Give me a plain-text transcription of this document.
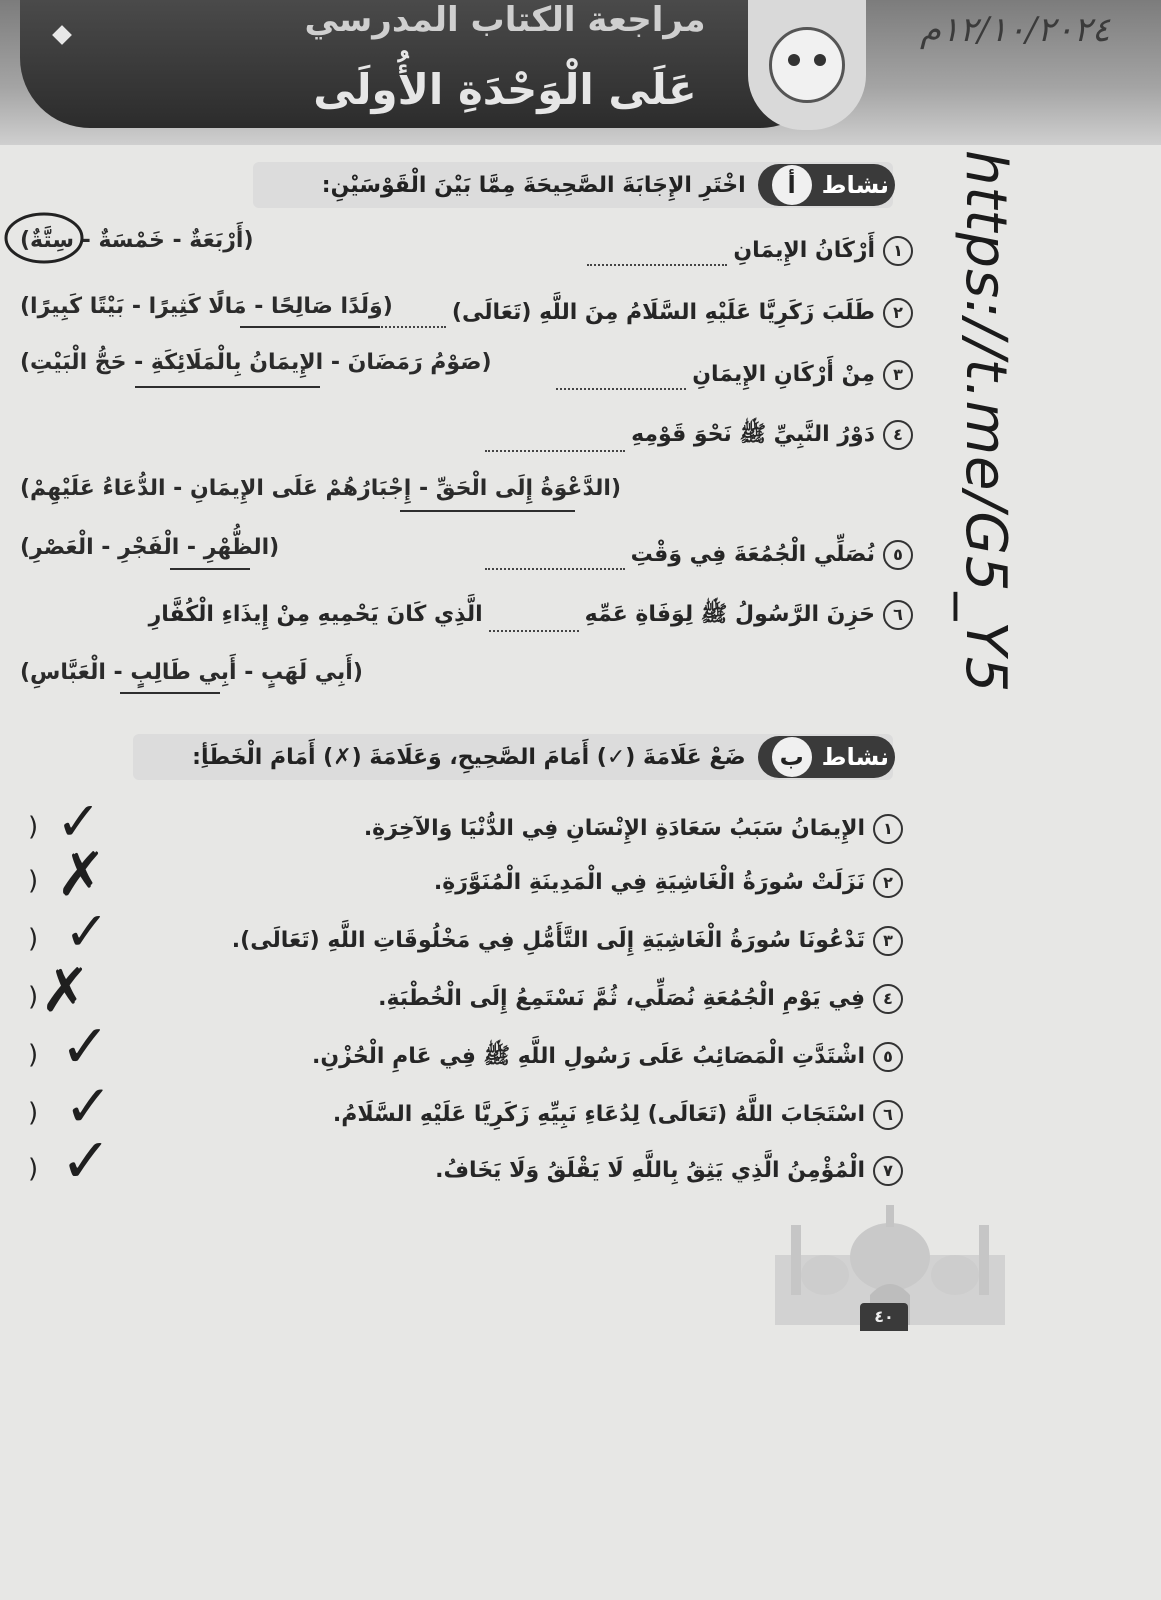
مراجعة الكتاب المدرسي
عَلَى الْوَحْدَةِ الأُولَى
١٢/١٠/٢٠٢٤م
https://t.me/G5_Y5
نشاط
أ
اخْتَرِ الإِجَابَةَ الصَّحِيحَةَ مِمَّا بَيْنَ الْقَوْسَيْنِ:
١أَرْكَانُ الإِيمَانِ
(أَرْبَعَةٌ - خَمْسَةٌ - سِتَّةٌ)
٢طَلَبَ زَكَرِيَّا عَلَيْهِ السَّلَامُ مِنَ اللَّهِ (تَعَالَى)
(وَلَدًا صَالِحًا - مَالًا كَثِيرًا - بَيْتًا كَبِيرًا)
٣مِنْ أَرْكَانِ الإِيمَانِ
(صَوْمُ رَمَضَانَ - الإِيمَانُ بِالْمَلَائِكَةِ - حَجُّ الْبَيْتِ)
٤دَوْرُ النَّبِيِّ ﷺ نَحْوَ قَوْمِهِ
(الدَّعْوَةُ إِلَى الْحَقِّ - إِجْبَارُهُمْ عَلَى الإِيمَانِ - الدُّعَاءُ عَلَيْهِمْ)
٥نُصَلِّي الْجُمُعَةَ فِي وَقْتِ
(الظُّهْرِ - الْفَجْرِ - الْعَصْرِ)
٦حَزِنَ الرَّسُولُ ﷺ لِوَفَاةِ عَمِّهِالَّذِي كَانَ يَحْمِيهِ مِنْ إِيذَاءِ الْكُفَّارِ
(أَبِي لَهَبٍ - أَبِي طَالِبٍ - الْعَبَّاسِ)
نشاط
ب
ضَعْ عَلَامَةَ (✓) أَمَامَ الصَّحِيحِ، وَعَلَامَةَ (✗) أَمَامَ الْخَطَأِ:
١الإِيمَانُ سَبَبُ سَعَادَةِ الإِنْسَانِ فِي الدُّنْيَا وَالآخِرَةِ.
) ✓
٢نَزَلَتْ سُورَةُ الْغَاشِيَةِ فِي الْمَدِينَةِ الْمُنَوَّرَةِ.
) ✗
٣تَدْعُونَا سُورَةُ الْغَاشِيَةِ إِلَى التَّأَمُّلِ فِي مَخْلُوقَاتِ اللَّهِ (تَعَالَى).
) ✓
٤فِي يَوْمِ الْجُمُعَةِ نُصَلِّي، ثُمَّ نَسْتَمِعُ إِلَى الْخُطْبَةِ.
) ✗
٥اشْتَدَّتِ الْمَصَائِبُ عَلَى رَسُولِ اللَّهِ ﷺ فِي عَامِ الْحُزْنِ.
) ✓
٦اسْتَجَابَ اللَّهُ (تَعَالَى) لِدُعَاءِ نَبِيِّهِ زَكَرِيَّا عَلَيْهِ السَّلَامُ.
) ✓
٧الْمُؤْمِنُ الَّذِي يَثِقُ بِاللَّهِ لَا يَقْلَقُ وَلَا يَخَافُ.
) ✓
٤٠
